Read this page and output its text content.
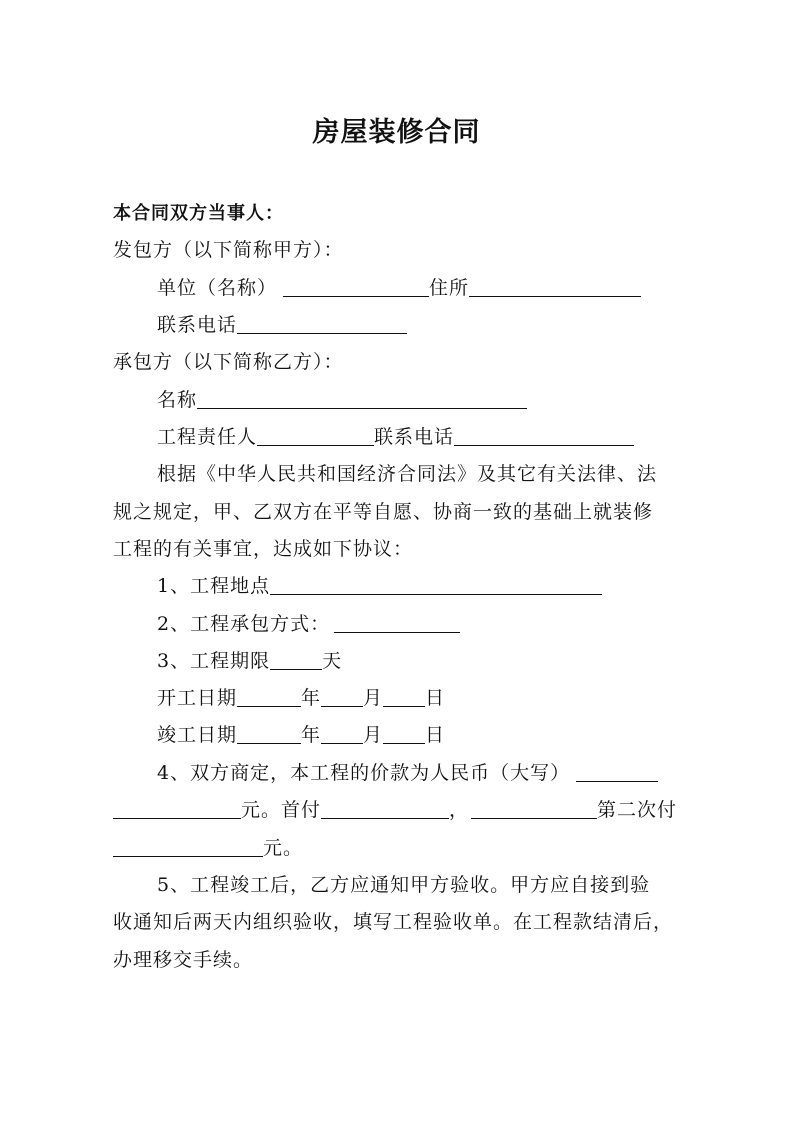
房屋装修合同
本合同双方当事人：
发包方（以下简称甲方）：
单位（名称）	住所
联系电话
承包方（以下简称乙方）：
名称
工程责任人	联系电话
根据《中华人民共和国经济合同法》及其它有关法律、法
规之规定，甲、乙双方在平等自愿、协商一致的基础上就装修
工程的有关事宜，达成如下协议：
1、工程地点
2、工程承包方式：
3、工程期限	天
开工日期	年 月 日
竣工日期	年 月 日
4、双方商定，本工程的价款为人民币（大写）
元。首付	，	第二次付
元。
5、工程竣工后，乙方应通知甲方验收。甲方应自接到验
收通知后两天内组织验收，填写工程验收单。在工程款结清后，
办理移交手续。
